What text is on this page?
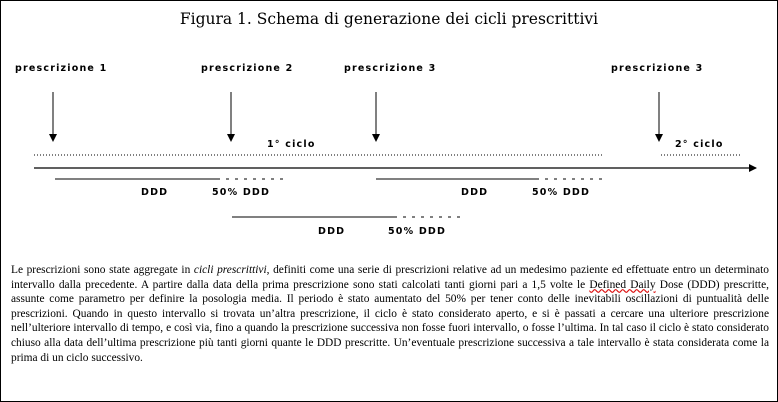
Figura 1. Schema di generazione dei cicli prescrittivi
prescrizione 1	prescrizione 2	prescrizione 3	prescrizione 3
1° ciclo	2° ciclo
DDD	50% DDD	DDD	50% DDD
DDD	50% DDD
Le prescrizioni sono state aggregate in cicli prescrittivi, definiti come una serie di prescrizioni relative ad un medesimo paziente ed effettuate entro un determinato intervallo dalla precedente. A partire dalla data della prima prescrizione sono stati calcolati tanti giorni pari a 1,5 volte le Defined Daily Dose (DDD) prescritte, assunte come parametro per definire la posologia media. Il periodo è stato aumentato del 50% per tener conto delle inevitabili oscillazioni di puntualità delle prescrizioni. Quando in questo intervallo si trovata un’altra prescrizione, il ciclo è stato considerato aperto, e si è passati a cercare una ulteriore prescrizione nell’ulteriore intervallo di tempo, e così via, fino a quando la prescrizione successiva non fosse fuori intervallo, o fosse l’ultima. In tal caso il ciclo è stato considerato chiuso alla data dell’ultima prescrizione più tanti giorni quante le DDD prescritte. Un’eventuale prescrizione successiva a tale intervallo è stata considerata come la prima di un ciclo successivo.
